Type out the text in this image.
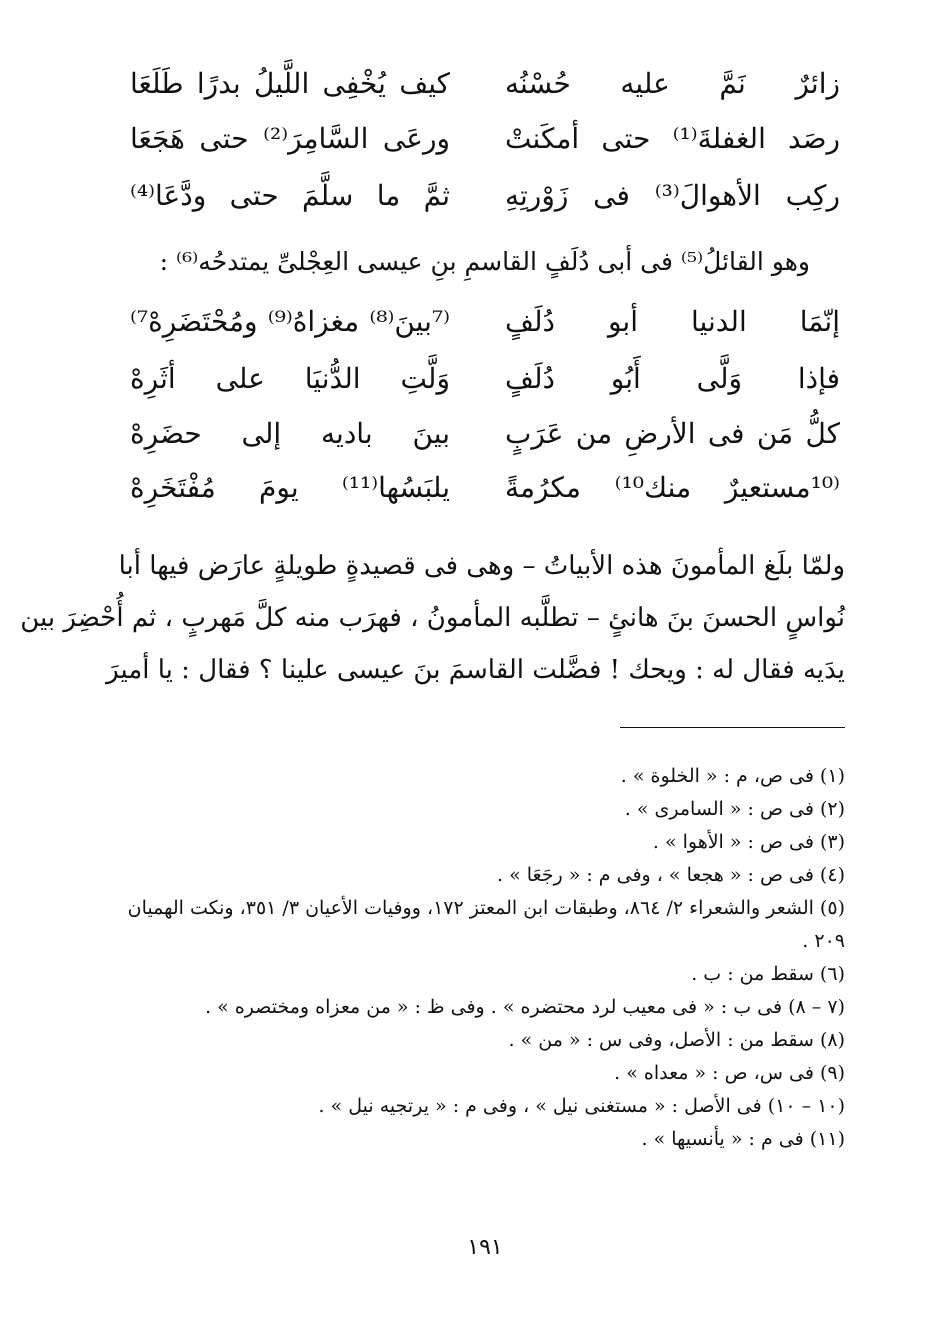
زائرٌ نَمَّ عليه حُسْنُه
كيف يُخْفِى اللَّيلُ بدرًا طَلَعَا
رصَد الغفلةَ⁽¹⁾ حتى أمكَنتْ
ورعَى السَّامِرَ⁽²⁾ حتى هَجَعَا
ركِب الأهوالَ⁽³⁾ فى زَوْرتِهِ
ثمَّ ما سلَّمَ حتى ودَّعَا⁽⁴⁾
وهو القائلُ⁽⁵⁾ فى أبى دُلَفٍ القاسمِ بنِ عيسى العِجْلىِّ يمتدحُه⁽⁶⁾ :
إنّمَا الدنيا أبو دُلَفٍ
⁽⁷بينَ⁽⁸⁾ مغزاهُ⁽⁹⁾ ومُحْتَضَرِهْ⁷⁾
فإذا وَلَّى أَبُو دُلَفٍ
وَلَّتِ الدُّنيَا على أثَرِهْ
كلُّ مَن فى الأرضِ من عَرَبٍ
بينَ باديه إلى حضَرِهْ
⁽¹⁰مستعيرٌ منك¹⁰⁾ مكرُمةً
يلبَسُها⁽¹¹⁾ يومَ مُفْتَخَرِهْ
ولمّا بلَغ المأمونَ هذه الأبياتُ – وهى فى قصيدةٍ طويلةٍ عارَض فيها أبا
نُواسٍ الحسنَ بنَ هانئٍ – تطلَّبه المأمونُ ، فهرَب منه كلَّ مَهربٍ ، ثم أُحْضِرَ بين
يدَيه فقال له : ويحك ! فضَّلت القاسمَ بنَ عيسى علينا ؟ فقال : يا أميرَ
(١) فى ص، م : « الخلوة » .
(٢) فى ص : « السامرى » .
(٣) فى ص : « الأهوا » .
(٤) فى ص : « هجعا » ، وفى م : « رجَعَا » .
(٥) الشعر والشعراء ٢/ ٨٦٤، وطبقات ابن المعتز ١٧٢، ووفيات الأعيان ٣/ ٣٥١، ونكت الهميان
٢٠٩ .
(٦) سقط من : ب .
(٧ – ٨) فى ب : « فى معيب لرد محتضره » . وفى ظ : « من معزاه ومختصره » .
(٨) سقط من : الأصل، وفى س : « من » .
(٩) فى س، ص : « معداه » .
(١٠ – ١٠) فى الأصل : « مستغنى نيل » ، وفى م : « يرتجيه نيل » .
(١١) فى م : « يأنسيها » .
١٩١
